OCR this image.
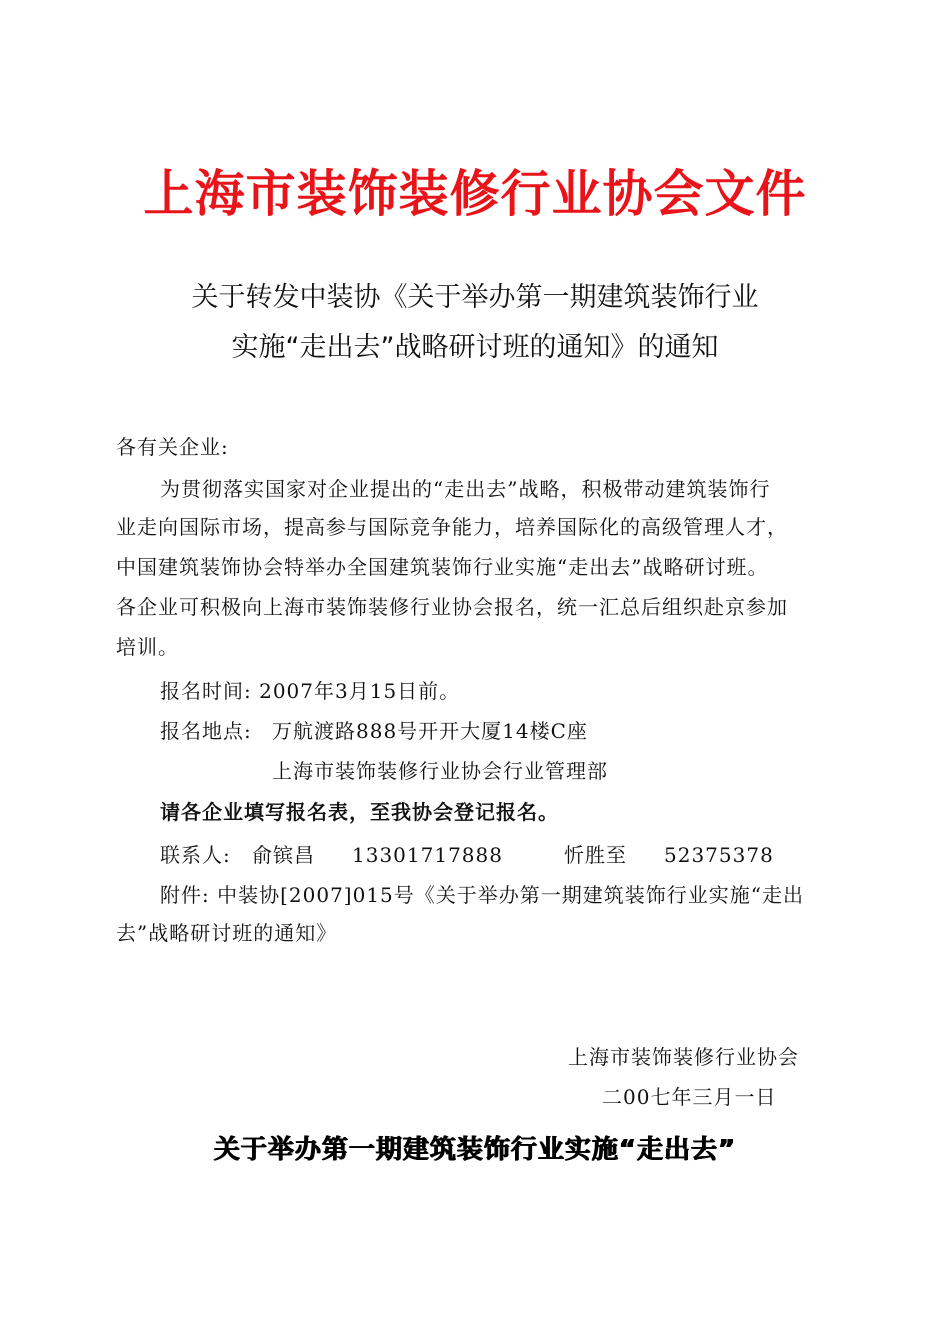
上海市装饰装修行业协会文件
关于转发中装协《关于举办第一期建筑装饰行业
实施“走出去”战略研讨班的通知》的通知
各有关企业:
为贯彻落实国家对企业提出的“走出去”战略，积极带动建筑装饰行
业走向国际市场，提高参与国际竞争能力，培养国际化的高级管理人才，
中国建筑装饰协会特举办全国建筑装饰行业实施“走出去”战略研讨班。
各企业可积极向上海市装饰装修行业协会报名，统一汇总后组织赴京参加
培训。
报名时间: 2007年3月15日前。
报名地点: 万航渡路888号开开大厦14楼C座
上海市装饰装修行业协会行业管理部
请各企业填写报名表，至我协会登记报名。
联系人: 俞镔昌 13301717888	忻胜至 52375378
附件: 中装协[2007]015号《关于举办第一期建筑装饰行业实施“走出
去”战略研讨班的通知》
上海市装饰装修行业协会
二00七年三月一日
关于举办第一期建筑装饰行业实施“走出去”
